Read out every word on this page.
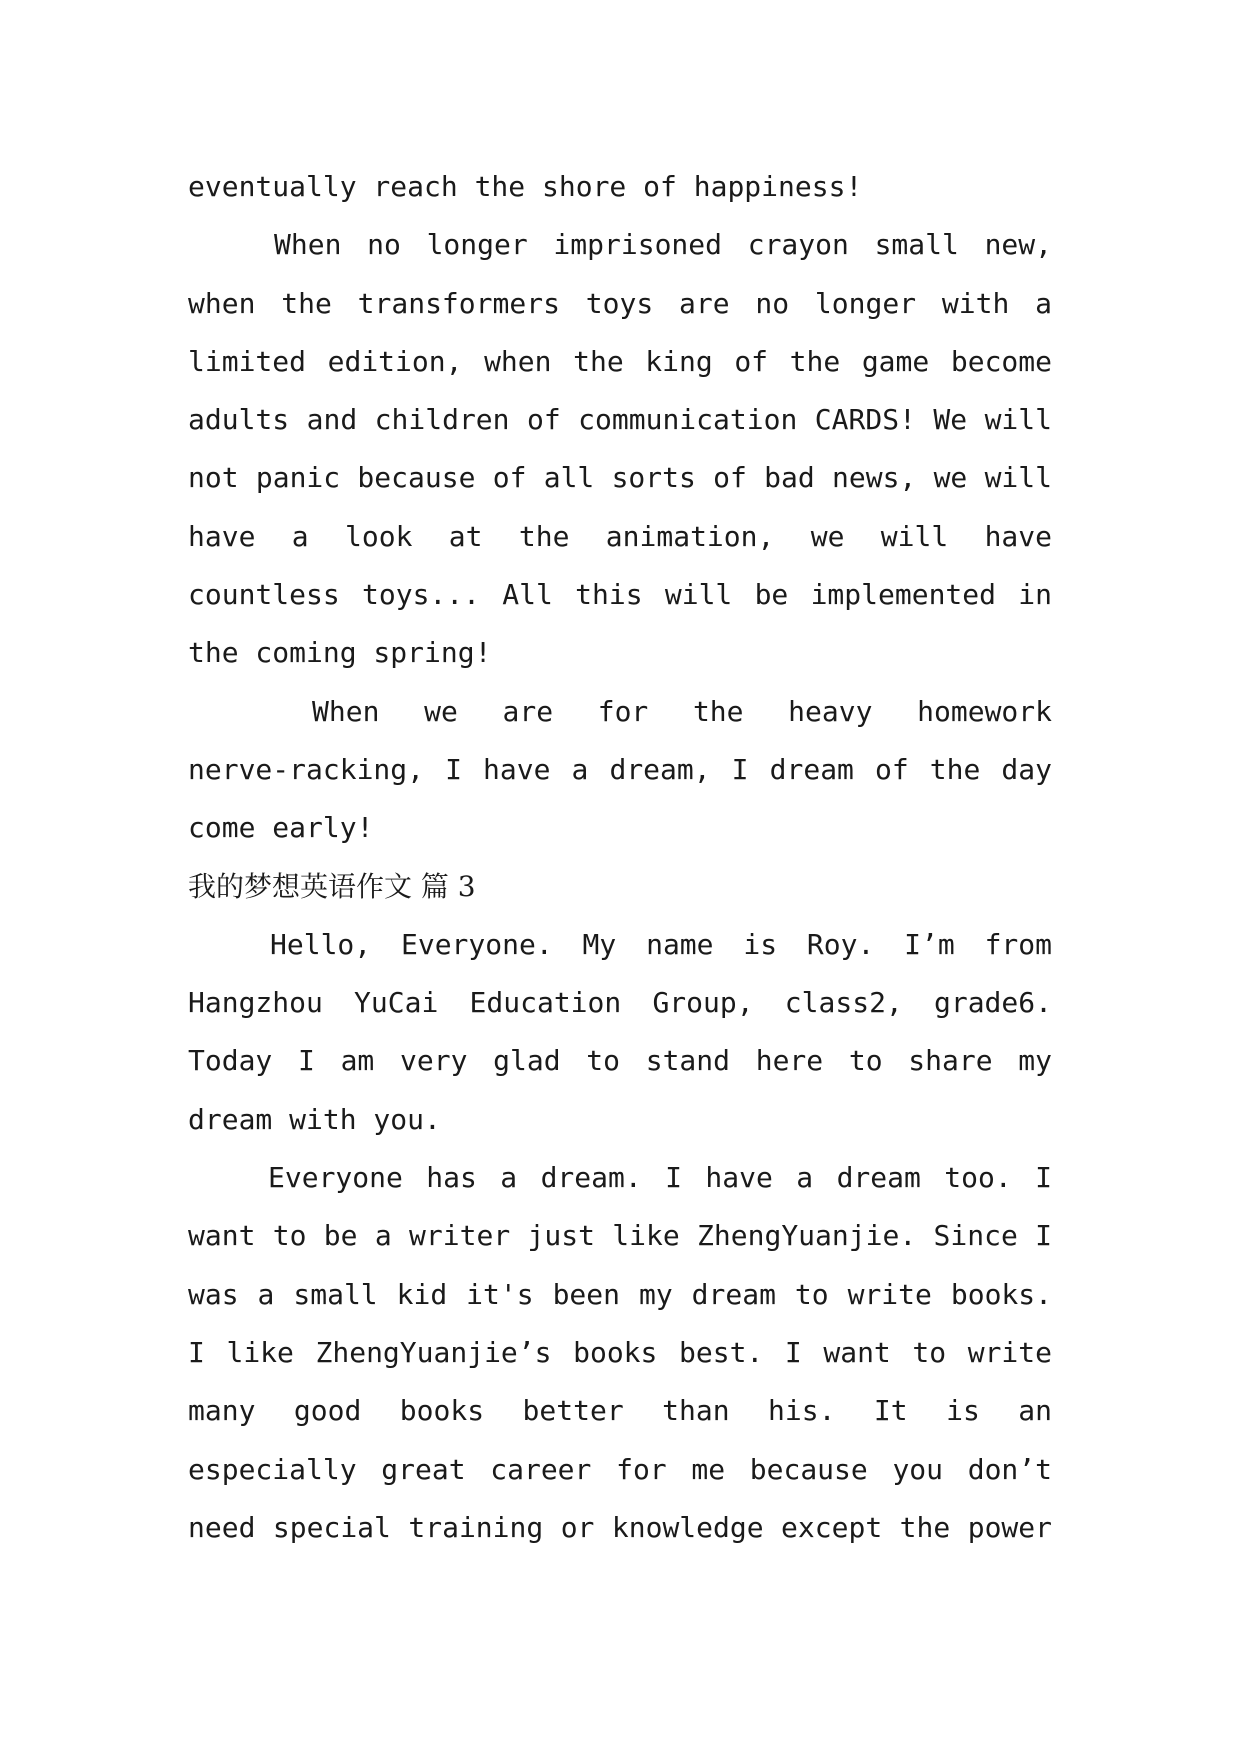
eventually reach the shore of happiness!
When no longer imprisoned crayon small new,
when the transformers toys are no longer with a
limited edition, when the king of the game become
adults and children of communication CARDS! We will
not panic because of all sorts of bad news, we will
have a look at the animation, we will have
countless toys... All this will be implemented in
the coming spring!
When we are for the heavy homework
nerve-racking, I have a dream, I dream of the day
come early!
我的梦想英语作文 篇 3
Hello, Everyone. My name is Roy. I’m from
Hangzhou YuCai Education Group, class2, grade6.
Today I am very glad to stand here to share my
dream with you.
Everyone has a dream. I have a dream too. I
want to be a writer just like ZhengYuanjie. Since I
was a small kid it's been my dream to write books.
I like ZhengYuanjie’s books best. I want to write
many good books better than his. It is an
especially great career for me because you don’t
need special training or knowledge except the power
